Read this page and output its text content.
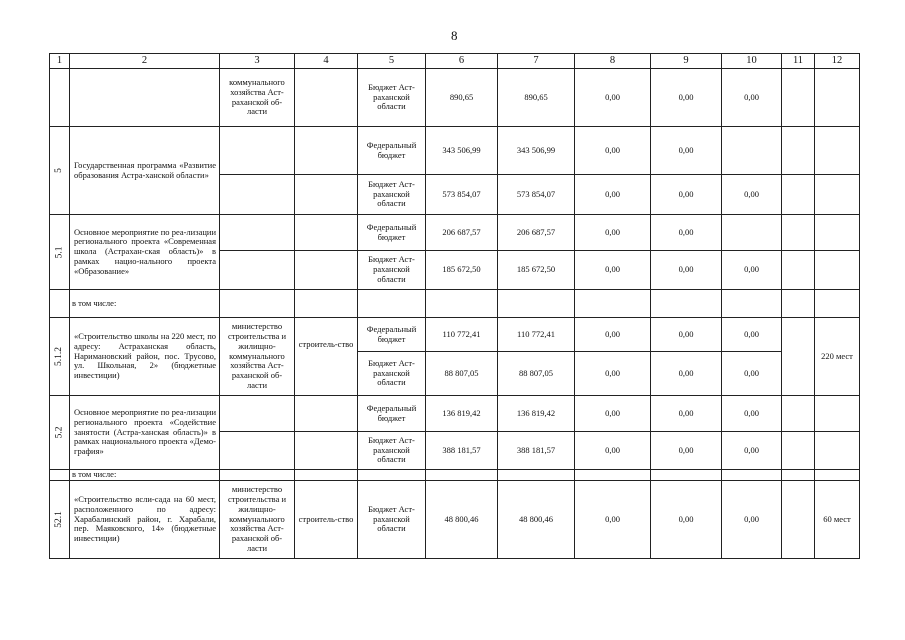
8
1	2	3	4	5	6	7	8	9	10	11	12
		коммунального хозяйства Аст-раханской об-ласти		Бюджет Аст-раханской области	890,65	890,65	0,00	0,00	0,00		
5	Государственная программа «Развитие образования Астра-ханской области»			Федеральный бюджет	343 506,99	343 506,99	0,00	0,00			
				Бюджет Аст-раханской области	573 854,07	573 854,07	0,00	0,00	0,00		
5.1	Основное мероприятие по реа-лизации регионального проекта «Современная школа (Астрахан-ская область)» в рамках нацио-нального проекта «Образование»			Федеральный бюджет	206 687,57	206 687,57	0,00	0,00			
				Бюджет Аст-раханской области	185 672,50	185 672,50	0,00	0,00	0,00		
	в том числе:										
5.1.2	«Строительство школы на 220 мест, по адресу: Астраханская область, Наримановский район, пос. Трусово, ул. Школьная, 2» (бюджетные инвестиции)	министерство строительства и жилищно-коммунального хозяйства Аст-раханской об-ласти	строитель-ство	Федеральный бюджет	110 772,41	110 772,41	0,00	0,00	0,00		220 мест
				Бюджет Аст-раханской области	88 807,05	88 807,05	0,00	0,00	0,00		
5.2	Основное мероприятие по реа-лизации регионального проекта «Содействие занятости (Астра-ханская область)» в рамках национального проекта «Демо-графия»			Федеральный бюджет	136 819,42	136 819,42	0,00	0,00	0,00		
				Бюджет Аст-раханской области	388 181,57	388 181,57	0,00	0,00	0,00		
	в том числе:										
52.1	«Строительство ясли-сада на 60 мест, расположенного по адресу: Харабалинский район, г. Харабали, пер. Маяковского, 14» (бюджетные инвестиции)	министерство строительства и жилищно-коммунального хозяйства Аст-раханской об-ласти	строитель-ство	Бюджет Аст-раханской области	48 800,46	48 800,46	0,00	0,00	0,00		60 мест
